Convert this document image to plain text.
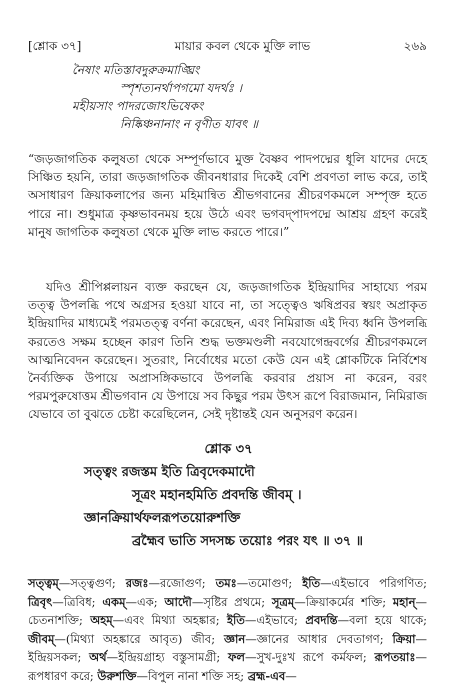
[শ্লোক ৩৭]	মায়ার কবল থেকে মুক্তি লাভ	২৬৯
নৈষাং মতিস্তাবদুরুক্রমাঙ্ঘ্রিং
স্পৃশত্যনর্থাপগমো যদর্থঃ ।
মহীয়সাং পাদরজোঽভিষেকং
নিষ্কিঞ্চনানাং ন বৃণীত যাবৎ ॥

“জড়জাগতিক কলুষতা থেকে সম্পূর্ণভাবে মুক্ত বৈষ্ণব পাদপদ্মের ধূলি যাদের দেহে সিঞ্চিত হয়নি, তারা জড়জাগতিক জীবনধারার দিকেই বেশি প্রবণতা লাভ করে, তাই অসাধারণ ক্রিয়াকলাপের জন্য মহিমান্বিত শ্রীভগবানের শ্রীচরণকমলে সম্পৃক্ত হতে পারে না। শুধুমাত্র কৃষ্ণভাবনময় হয়ে উঠে এবং ভগবদ্‌পাদপদ্মে আশ্রয় গ্রহণ করেই মানুষ জাগতিক কলুষতা থেকে মুক্তি লাভ করতে পারে।”

যদিও শ্রীপিপ্পলায়ন ব্যক্ত করছেন যে, জড়জাগতিক ইন্দ্রিয়াদির সাহায্যে পরম তত্ত্ব উপলব্ধি পথে অগ্রসর হওয়া যাবে না, তা সত্ত্বেও ঋষিপ্রবর স্বয়ং অপ্রাকৃত ইন্দ্রিয়াদির মাধ্যমেই পরমতত্ত্ব বর্ণনা করেছেন, এবং নিমিরাজ এই দিব্য ধ্বনি উপলব্ধি করতেও সক্ষম হচ্ছেন কারণ তিনি শুদ্ধ ভক্তমণ্ডলী নবযোগেন্দ্রবর্গের শ্রীচরণকমলে আত্মনিবেদন করেছেন। সুতরাং, নির্বোধের মতো কেউ যেন এই শ্লোকটিকে নির্বিশেষ নৈর্ব্যক্তিক উপায়ে অপ্রাসঙ্গিকভাবে উপলব্ধি করবার প্রয়াস না করেন, বরং পরমপুরুষোত্তম শ্রীভগবান যে উপায়ে সব কিছুর পরম উৎস রূপে বিরাজমান, নিমিরাজ যেভাবে তা বুঝতে চেষ্টা করেছিলেন, সেই দৃষ্টান্তই যেন অনুসরণ করেন।

শ্লোক ৩৭
সত্ত্বং রজস্তম ইতি ত্রিবৃদেকমাদৌ
সূত্রং মহানহমিতি প্রবদন্তি জীবম্ ।
জ্ঞানক্রিয়ার্থফলরূপতয়োরুশক্তি
ব্রহ্মৈব ভাতি সদসচ্চ তয়োঃ পরং যৎ ॥ ৩৭ ॥

সত্ত্বম্—সত্ত্বগুণ; রজঃ—রজোগুণ; তমঃ—তমোগুণ; ইতি—এইভাবে পরিগণিত; ত্রিবৃৎ—ত্রিবিধ; একম্—এক; আদৌ—সৃষ্টির প্রথমে; সূত্রম্—ক্রিয়াকর্মের শক্তি; মহান্—চেতনাশক্তি; অহম্—এবং মিথ্যা অহঙ্কার; ইতি—এইভাবে; প্রবদন্তি—বলা হয়ে থাকে; জীবম্—(মিথ্যা অহঙ্কারে আবৃত) জীব; জ্ঞান—জ্ঞানের আধার দেবতাগণ; ক্রিয়া—ইন্দ্রিয়সকল; অর্থ—ইন্দ্রিয়গ্রাহ্য বস্তুসামগ্রী; ফল—সুখ-দুঃখ রূপে কর্মফল; রূপতয়াঃ—রূপধারণ করে; উরুশক্তি—বিপুল নানা শক্তি সহ; ব্রহ্ম-এব—
